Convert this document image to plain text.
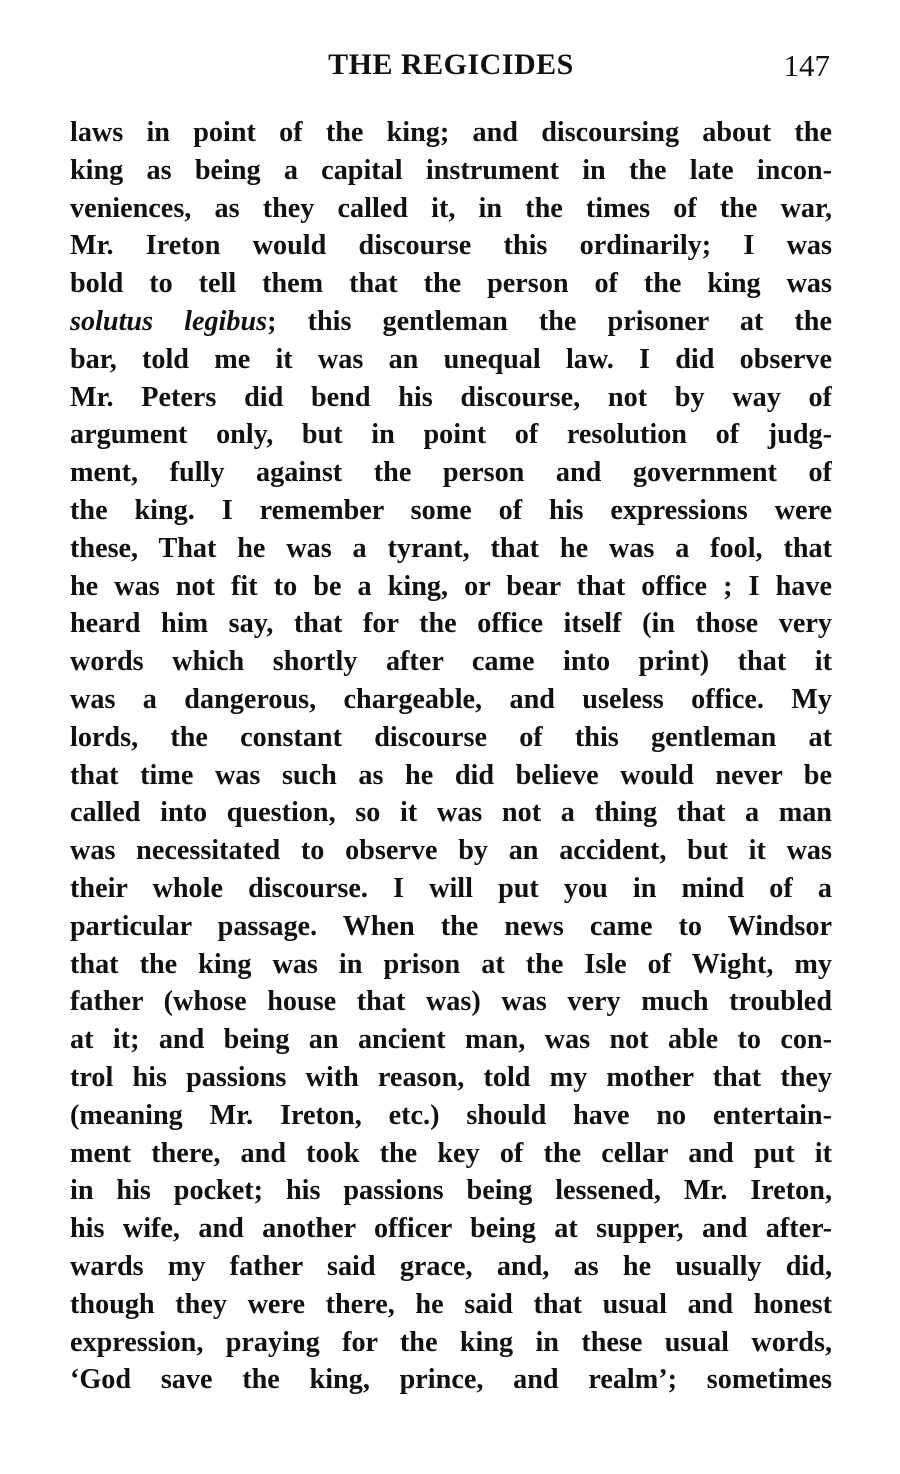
THE REGICIDES	147
laws in point of the king; and discoursing about the
king as being a capital instrument in the late incon-
veniences, as they called it, in the times of the war,
Mr. Ireton would discourse this ordinarily; I was
bold to tell them that the person of the king was
solutus legibus; this gentleman the prisoner at the
bar, told me it was an unequal law. I did observe
Mr. Peters did bend his discourse, not by way of
argument only, but in point of resolution of judg-
ment, fully against the person and government of
the king. I remember some of his expressions were
these, That he was a tyrant, that he was a fool, that
he was not fit to be a king, or bear that office ; I have
heard him say, that for the office itself (in those very
words which shortly after came into print) that it
was a dangerous, chargeable, and useless office. My
lords, the constant discourse of this gentleman at
that time was such as he did believe would never be
called into question, so it was not a thing that a man
was necessitated to observe by an accident, but it was
their whole discourse. I will put you in mind of a
particular passage. When the news came to Windsor
that the king was in prison at the Isle of Wight, my
father (whose house that was) was very much troubled
at it; and being an ancient man, was not able to con-
trol his passions with reason, told my mother that they
(meaning Mr. Ireton, etc.) should have no entertain-
ment there, and took the key of the cellar and put it
in his pocket; his passions being lessened, Mr. Ireton,
his wife, and another officer being at supper, and after-
wards my father said grace, and, as he usually did,
though they were there, he said that usual and honest
expression, praying for the king in these usual words,
‘God save the king, prince, and realm’; sometimes
